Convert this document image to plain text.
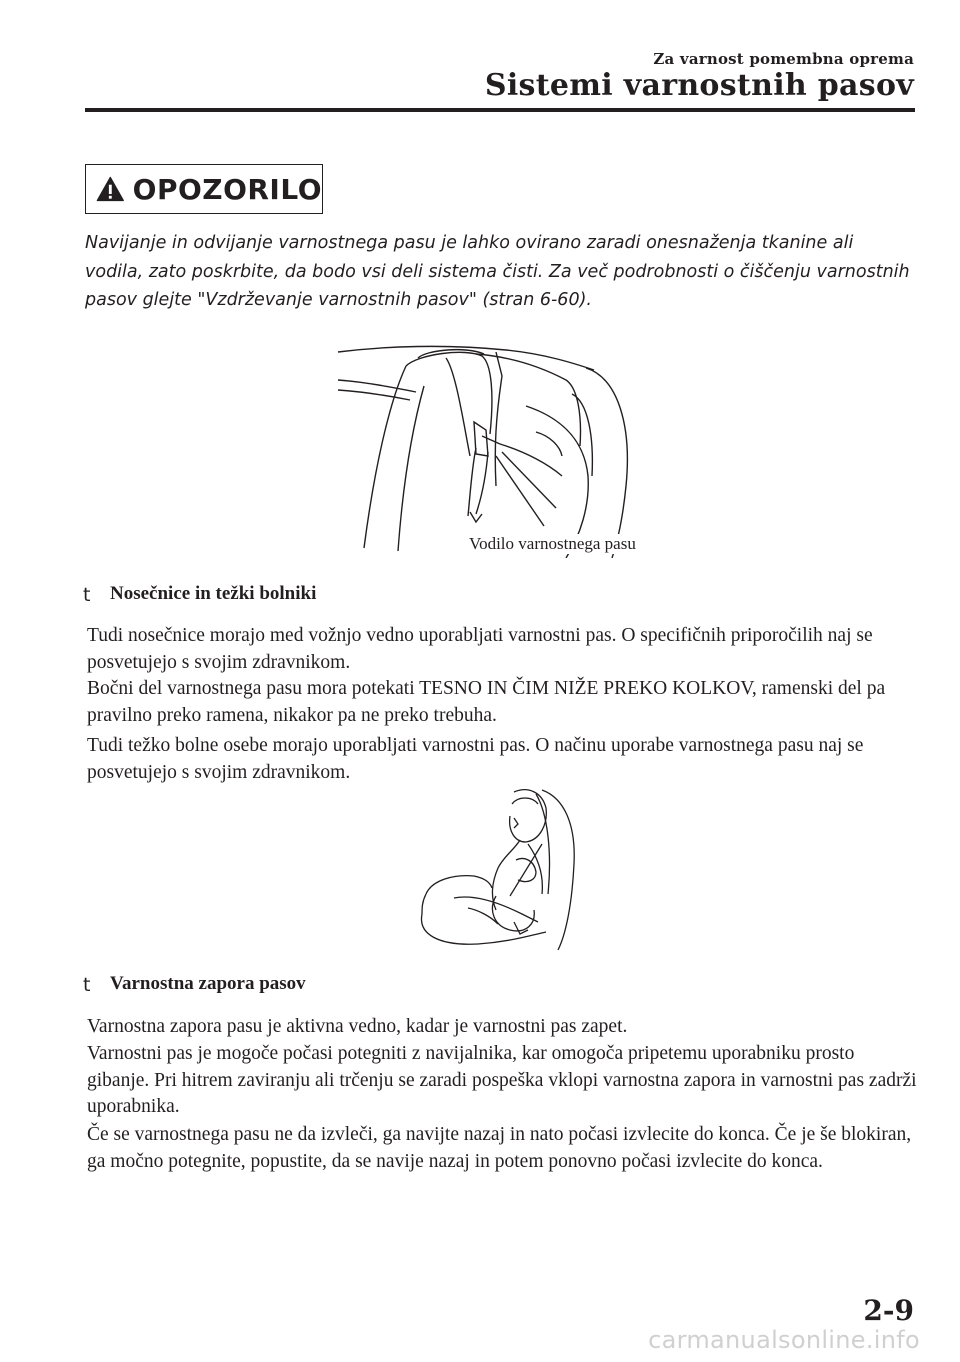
Za varnost pomembna oprema
Sistemi varnostnih pasov
OPOZORILO
Navijanje in odvijanje varnostnega pasu je lahko ovirano zaradi onesnaženja tkanine ali vodila, zato poskrbite, da bodo vsi deli sistema čisti. Za več podrobnosti o čiščenju varnostnih pasov glejte "Vzdrževanje varnostnih pasov" (stran 6-60).
Vodilo varnostnega pasu
t Nosečnice in težki bolniki
Tudi nosečnice morajo med vožnjo vedno uporabljati varnostni pas. O specifičnih priporočilih naj se posvetujejo s svojim zdravnikom.
Bočni del varnostnega pasu mora potekati TESNO IN ČIM NIŽE PREKO KOLKOV, ramenski del pa pravilno preko ramena, nikakor pa ne preko trebuha.
Tudi težko bolne osebe morajo uporabljati varnostni pas. O načinu uporabe varnostnega pasu naj se posvetujejo s svojim zdravnikom.
t Varnostna zapora pasov
Varnostna zapora pasu je aktivna vedno, kadar je varnostni pas zapet.
Varnostni pas je mogoče počasi potegniti z navijalnika, kar omogoča pripetemu uporabniku prosto gibanje. Pri hitrem zaviranju ali trčenju se zaradi pospeška vklopi varnostna zapora in varnostni pas zadrži uporabnika.
Če se varnostnega pasu ne da izvleči, ga navijte nazaj in nato počasi izvlecite do konca. Če je še blokiran, ga močno potegnite, popustite, da se navije nazaj in potem ponovno počasi izvlecite do konca.
2-9
carmanualsonline.info
